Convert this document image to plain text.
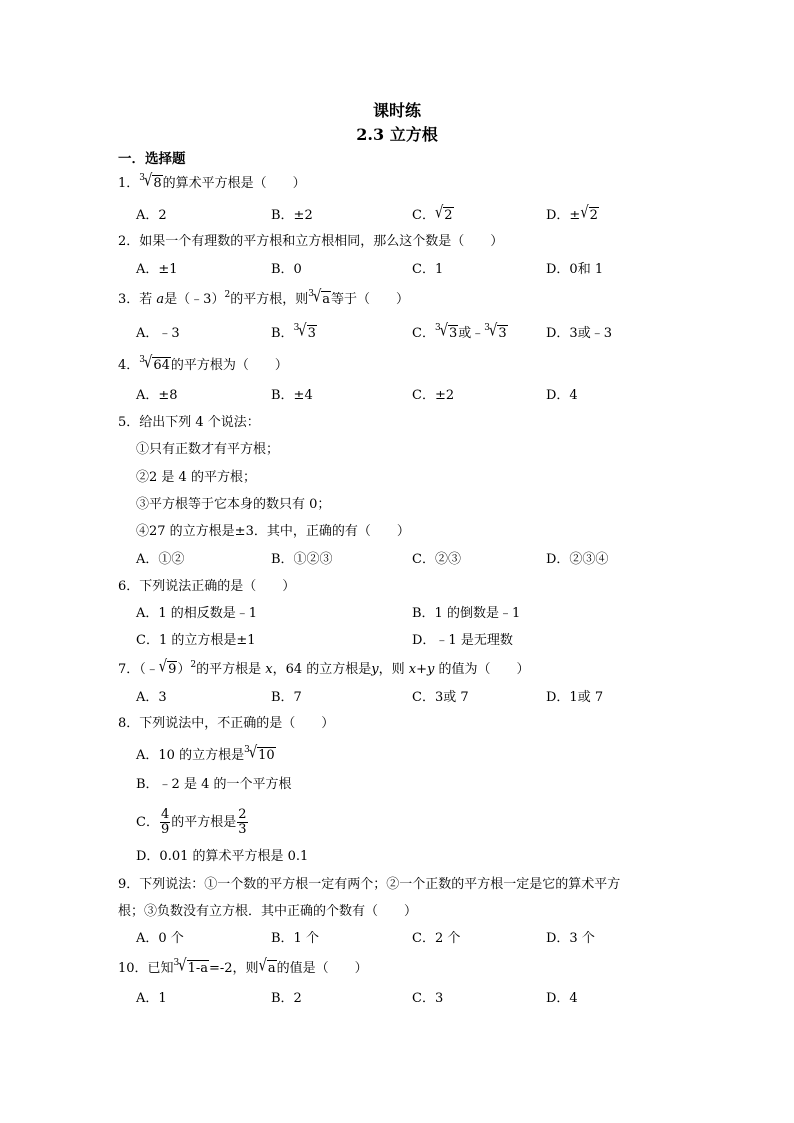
课时练
2.3 立方根
一．选择题
1．$^3$√8的算术平方根是（　　）
A．2	B．±2	C．√2	D．±√2
2．如果一个有理数的平方根和立方根相同，那么这个数是（　　）
A．±1	B．0	C．1	D．0和 1
3．若 a是（﹣3）$^2$的平方根，则$^3$√a等于（　　）
A．﹣3	B．$^3$√3	C．$^3$√3或﹣$^3$√3	D．3或﹣3
4．$^3$√64的平方根为（　　）
A．±8	B．±4	C．±2	D．4
5．给出下列 4 个说法：
①只有正数才有平方根；
②2 是 4 的平方根；
③平方根等于它本身的数只有 0；
④27 的立方根是±3．其中，正确的有（　　）
A．①②	B．①②③	C．②③	D．②③④
6．下列说法正确的是（　　）
A．1 的相反数是﹣1	B．1 的倒数是﹣1
C．1 的立方根是±1	D．﹣1 是无理数
7．（﹣√9）$^2$的平方根是 x，64 的立方根是y，则 x+y 的值为（　　）
A．3	B．7	C．3或 7	D．1或 7
8．下列说法中，不正确的是（　　）
A．10 的立方根是$^3$√10
B．﹣2 是 4 的一个平方根
C． $\frac{4}{9}$ 的平方根是 $\frac{2}{3}$
D．0.01 的算术平方根是 0.1
9．下列说法：①一个数的平方根一定有两个；②一个正数的平方根一定是它的算术平方
根；③负数没有立方根．其中正确的个数有（　　）
A．0 个	B．1 个	C．2 个	D．3 个
10．已知$^3$√1-a=-2，则√a的值是（　　）
A．1	B．2	C．3	D．4
